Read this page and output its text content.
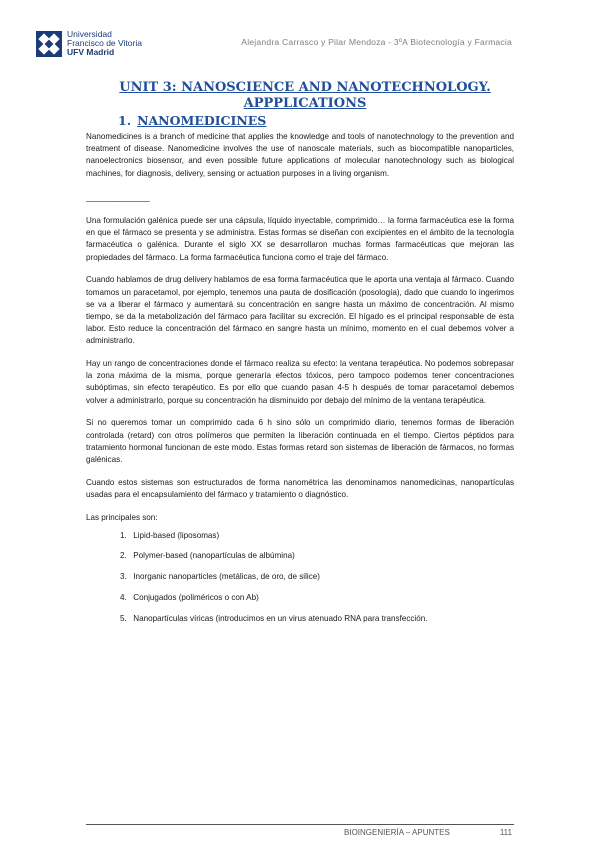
Universidad
Francisco de Vitoria
UFV Madrid
Alejandra Carrasco y Pilar Mendoza - 3ºA Biotecnología y Farmacia
UNIT 3: NANOSCIENCE AND NANOTECHNOLOGY.
APPPLICATIONS
1. NANOMEDICINES

Nanomedicines is a branch of medicine that applies the knowledge and tools of nanotechnology to the prevention and treatment of disease. Nanomedicine involves the use of nanoscale materials, such as biocompatible nanoparticles, nanoelectronics biosensor, and even possible future applications of molecular nanotechnology such as biological machines, for diagnosis, delivery, sensing or actuation purposes in a living organism.

________________

Una formulación galénica puede ser una cápsula, líquido inyectable, comprimido… la forma farmacéutica ese la forma en que el fármaco se presenta y se administra. Estas formas se diseñan con excipientes en el ámbito de la tecnología farmacéutica o galénica. Durante el siglo XX se desarrollaron muchas formas farmacéuticas que mejoran las propiedades del fármaco. La forma farmacéutica funciona como el traje del fármaco.

Cuando hablamos de drug delivery hablamos de esa forma farmacéutica que le aporta una ventaja al fármaco. Cuando tomamos un paracetamol, por ejemplo, tenemos una pauta de dosificación (posología), dado que cuando lo ingerimos se va a liberar el fármaco y aumentará su concentración en sangre hasta un máximo de concentración. Al mismo tiempo, se da la metabolización del fármaco para facilitar su excreción. El hígado es el principal responsable de esta labor. Esto reduce la concentración del fármaco en sangre hasta un mínimo, momento en el cual debemos volver a administrarlo.

Hay un rango de concentraciones donde el fármaco realiza su efecto: la ventana terapéutica. No podemos sobrepasar la zona máxima de la misma, porque generaría efectos tóxicos, pero tampoco podemos tener concentraciones subóptimas, sin efecto terapéutico. Es por ello que cuando pasan 4-5 h después de tomar paracetamol debemos volver a administrarlo, porque su concentración ha disminuido por debajo del mínimo de la ventana terapéutica.

Si no queremos tomar un comprimido cada 6 h sino sólo un comprimido diario, tenemos formas de liberación controlada (retard) con otros polímeros que permiten la liberación continuada en el tiempo. Ciertos péptidos para tratamiento hormonal funcionan de este modo. Estas formas retard son sistemas de liberación de fármacos, no formas galénicas.

Cuando estos sistemas son estructurados de forma nanométrica las denominamos nanomedicinas, nanopartículas usadas para el encapsulamiento del fármaco y tratamiento o diagnóstico.

Las principales son:

1. Lipid-based (liposomas)
2. Polymer-based (nanopartículas de albúmina)
3. Inorganic nanoparticles (metálicas, de oro, de silice)
4. Conjugados (poliméricos o con Ab)
5. Nanopartículas víricas (introducimos en un virus atenuado RNA para transfección.
BIOINGENIERÍA – APUNTES	111
